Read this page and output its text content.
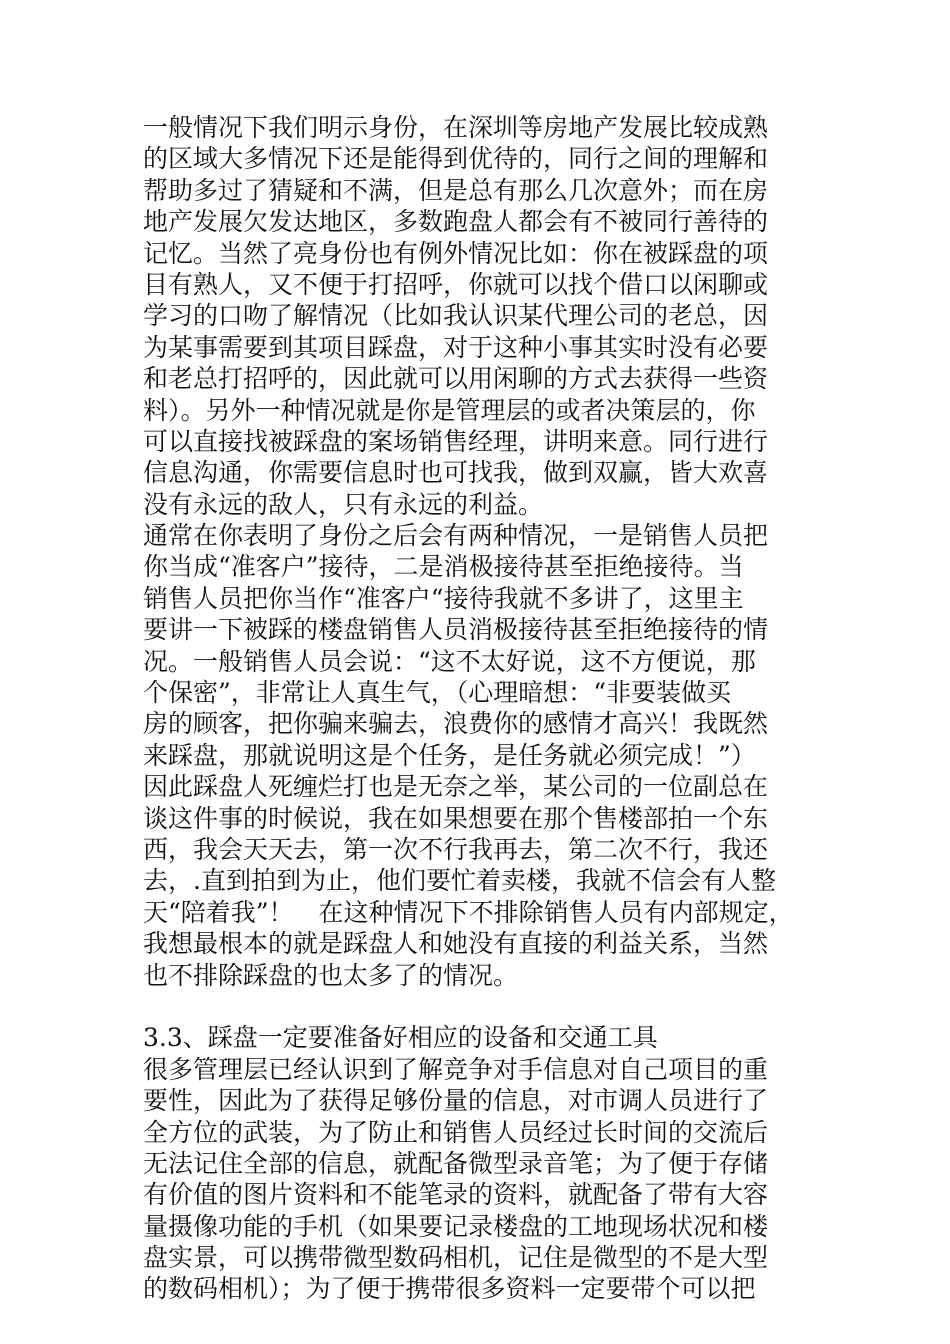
一般情况下我们明示身份，在深圳等房地产发展比较成熟
的区域大多情况下还是能得到优待的，同行之间的理解和
帮助多过了猜疑和不满，但是总有那么几次意外；而在房
地产发展欠发达地区，多数跑盘人都会有不被同行善待的
记忆。当然了亮身份也有例外情况比如：你在被踩盘的项
目有熟人，又不便于打招呼，你就可以找个借口以闲聊或
学习的口吻了解情况（比如我认识某代理公司的老总，因
为某事需要到其项目踩盘，对于这种小事其实时没有必要
和老总打招呼的，因此就可以用闲聊的方式去获得一些资
料）。另外一种情况就是你是管理层的或者决策层的，你
可以直接找被踩盘的案场销售经理，讲明来意。同行进行
信息沟通，你需要信息时也可找我，做到双赢，皆大欢喜
没有永远的敌人，只有永远的利益。
通常在你表明了身份之后会有两种情况，一是销售人员把
你当成“准客户”接待，二是消极接待甚至拒绝接待。当
销售人员把你当作“准客户“接待我就不多讲了，这里主
要讲一下被踩的楼盘销售人员消极接待甚至拒绝接待的情
况。一般销售人员会说：“这不太好说，这不方便说，那
个保密”，非常让人真生气，（心理暗想：“非要装做买
房的顾客，把你骗来骗去，浪费你的感情才高兴！我既然
来踩盘，那就说明这是个任务，是任务就必须完成！”）
因此踩盘人死缠烂打也是无奈之举，某公司的一位副总在
谈这件事的时候说，我在如果想要在那个售楼部拍一个东
西，我会天天去，第一次不行我再去，第二次不行，我还
去，.直到拍到为止，他们要忙着卖楼，我就不信会有人整
天“陪着我”！　在这种情况下不排除销售人员有内部规定，
我想最根本的就是踩盘人和她没有直接的利益关系，当然
也不排除踩盘的也太多了的情况。
3.3、踩盘一定要准备好相应的设备和交通工具
很多管理层已经认识到了解竞争对手信息对自己项目的重
要性，因此为了获得足够份量的信息，对市调人员进行了
全方位的武装，为了防止和销售人员经过长时间的交流后
无法记住全部的信息，就配备微型录音笔；为了便于存储
有价值的图片资料和不能笔录的资料，就配备了带有大容
量摄像功能的手机（如果要记录楼盘的工地现场状况和楼
盘实景，可以携带微型数码相机，记住是微型的不是大型
的数码相机）；为了便于携带很多资料一定要带个可以把
